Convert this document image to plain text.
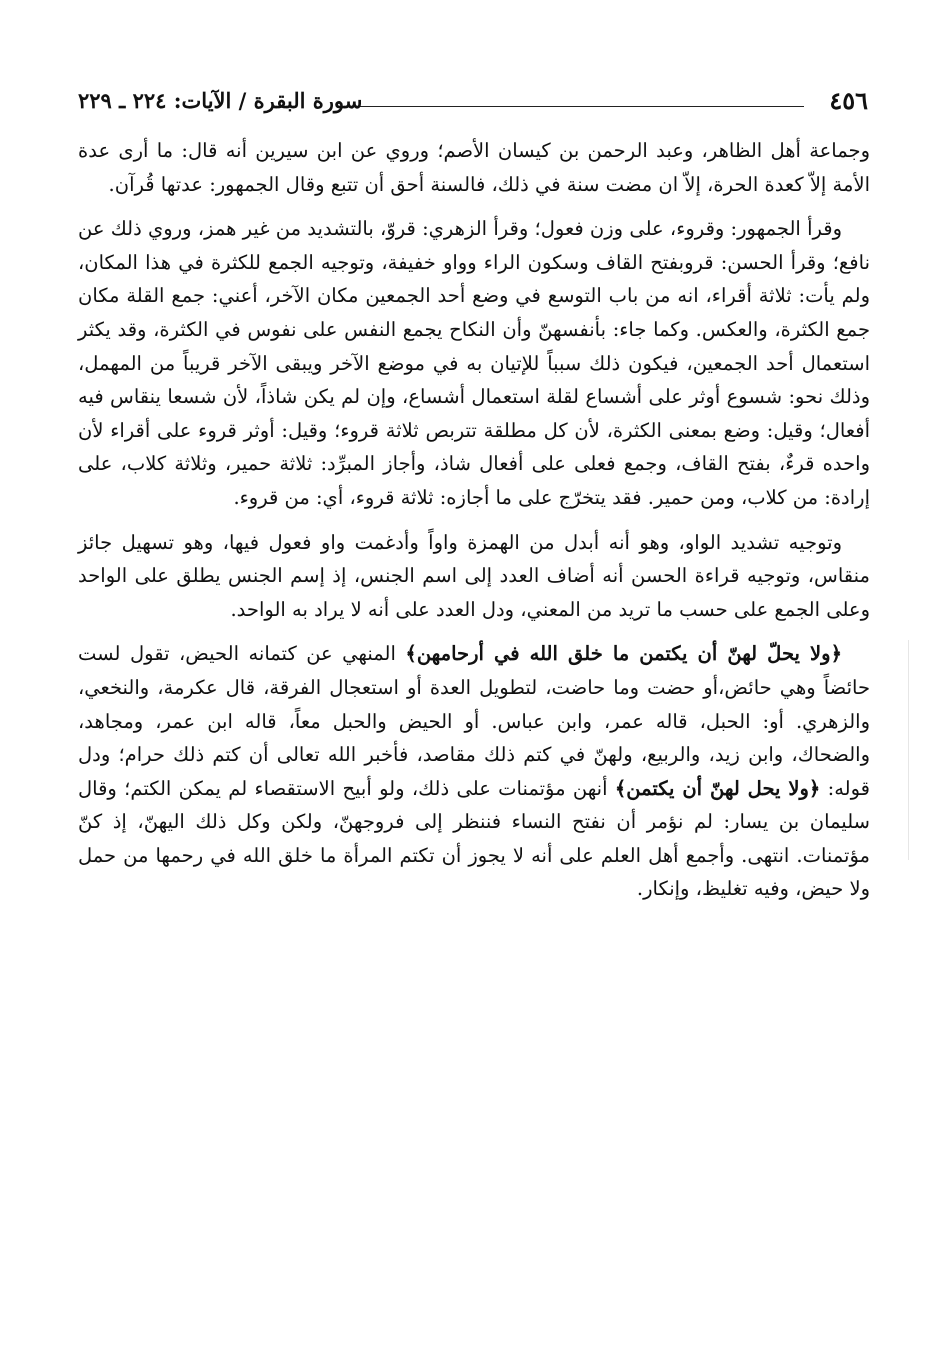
٤٥٦
سورة البقرة / الآيات: ٢٢٤ ـ ٢٢٩

وجماعة أهل الظاهر، وعبد الرحمن بن كيسان الأصم؛ وروي عن ابن سيرين أنه قال: ما أرى عدة الأمة إلاّ كعدة الحرة، إلاّ ان مضت سنة في ذلك، فالسنة أحق أن تتبع وقال الجمهور: عدتها قُرآن.

وقرأ الجمهور: وقروء، على وزن فعول؛ وقرأ الزهري: قروّ، بالتشديد من غير همز، وروي ذلك عن نافع؛ وقرأ الحسن: قروبفتح القاف وسكون الراء وواو خفيفة، وتوجيه الجمع للكثرة في هذا المكان، ولم يأت: ثلاثة أقراء، انه من باب التوسع في وضع أحد الجمعين مكان الآخر، أعني: جمع القلة مكان جمع الكثرة، والعكس. وكما جاء: بأنفسهنّ وأن النكاح يجمع النفس على نفوس في الكثرة، وقد يكثر استعمال أحد الجمعين، فيكون ذلك سبباً للإتيان به في موضع الآخر ويبقى الآخر قريباً من المهمل، وذلك نحو: شسوع أوثر على أشساع لقلة استعمال أشساع، وإن لم يكن شاذاً، لأن شسعا ينقاس فيه أفعال؛ وقيل: وضع بمعنى الكثرة، لأن كل مطلقة تتربص ثلاثة قروء؛ وقيل: أوثر قروء على أقراء لأن واحده قرءٌ، بفتح القاف، وجمع فعلى على أفعال شاذ، وأجاز المبرِّد: ثلاثة حمير، وثلاثة كلاب، على إرادة: من كلاب، ومن حمير. فقد يتخرّج على ما أجازه: ثلاثة قروء، أي: من قروء.

وتوجيه تشديد الواو، وهو أنه أبدل من الهمزة واواً وأدغمت واو فعول فيها، وهو تسهيل جائز منقاس، وتوجيه قراءة الحسن أنه أضاف العدد إلى اسم الجنس، إذ إسم الجنس يطلق على الواحد وعلى الجمع على حسب ما تريد من المعني، ودل العدد على أنه لا يراد به الواحد.

﴿ولا يحلّ لهنّ أن يكتمن ما خلق الله في أرحامهن﴾ المنهي عن كتمانه الحيض، تقول لست حائضاً وهي حائض،أو حضت وما حاضت، لتطويل العدة أو استعجال الفرقة، قال عكرمة، والنخعي، والزهري. أو: الحبل، قاله عمر، وابن عباس. أو الحيض والحبل معاً، قاله ابن عمر، ومجاهد، والضحاك، وابن زيد، والربيع، ولهنّ في كتم ذلك مقاصد، فأخبر الله تعالى أن كتم ذلك حرام؛ ودل قوله: ﴿ولا يحل لهنّ أن يكتمن﴾ أنهن مؤتمنات على ذلك، ولو أبيح الاستقصاء لم يمكن الكتم؛ وقال سليمان بن يسار: لم نؤمر أن نفتح النساء فننظر إلى فروجهنّ، ولكن وكل ذلك اليهنّ، إذ كنّ مؤتمنات. انتهى. وأجمع أهل العلم على أنه لا يجوز أن تكتم المرأة ما خلق الله في رحمها من حمل ولا حيض، وفيه تغليظ، وإنكار.
